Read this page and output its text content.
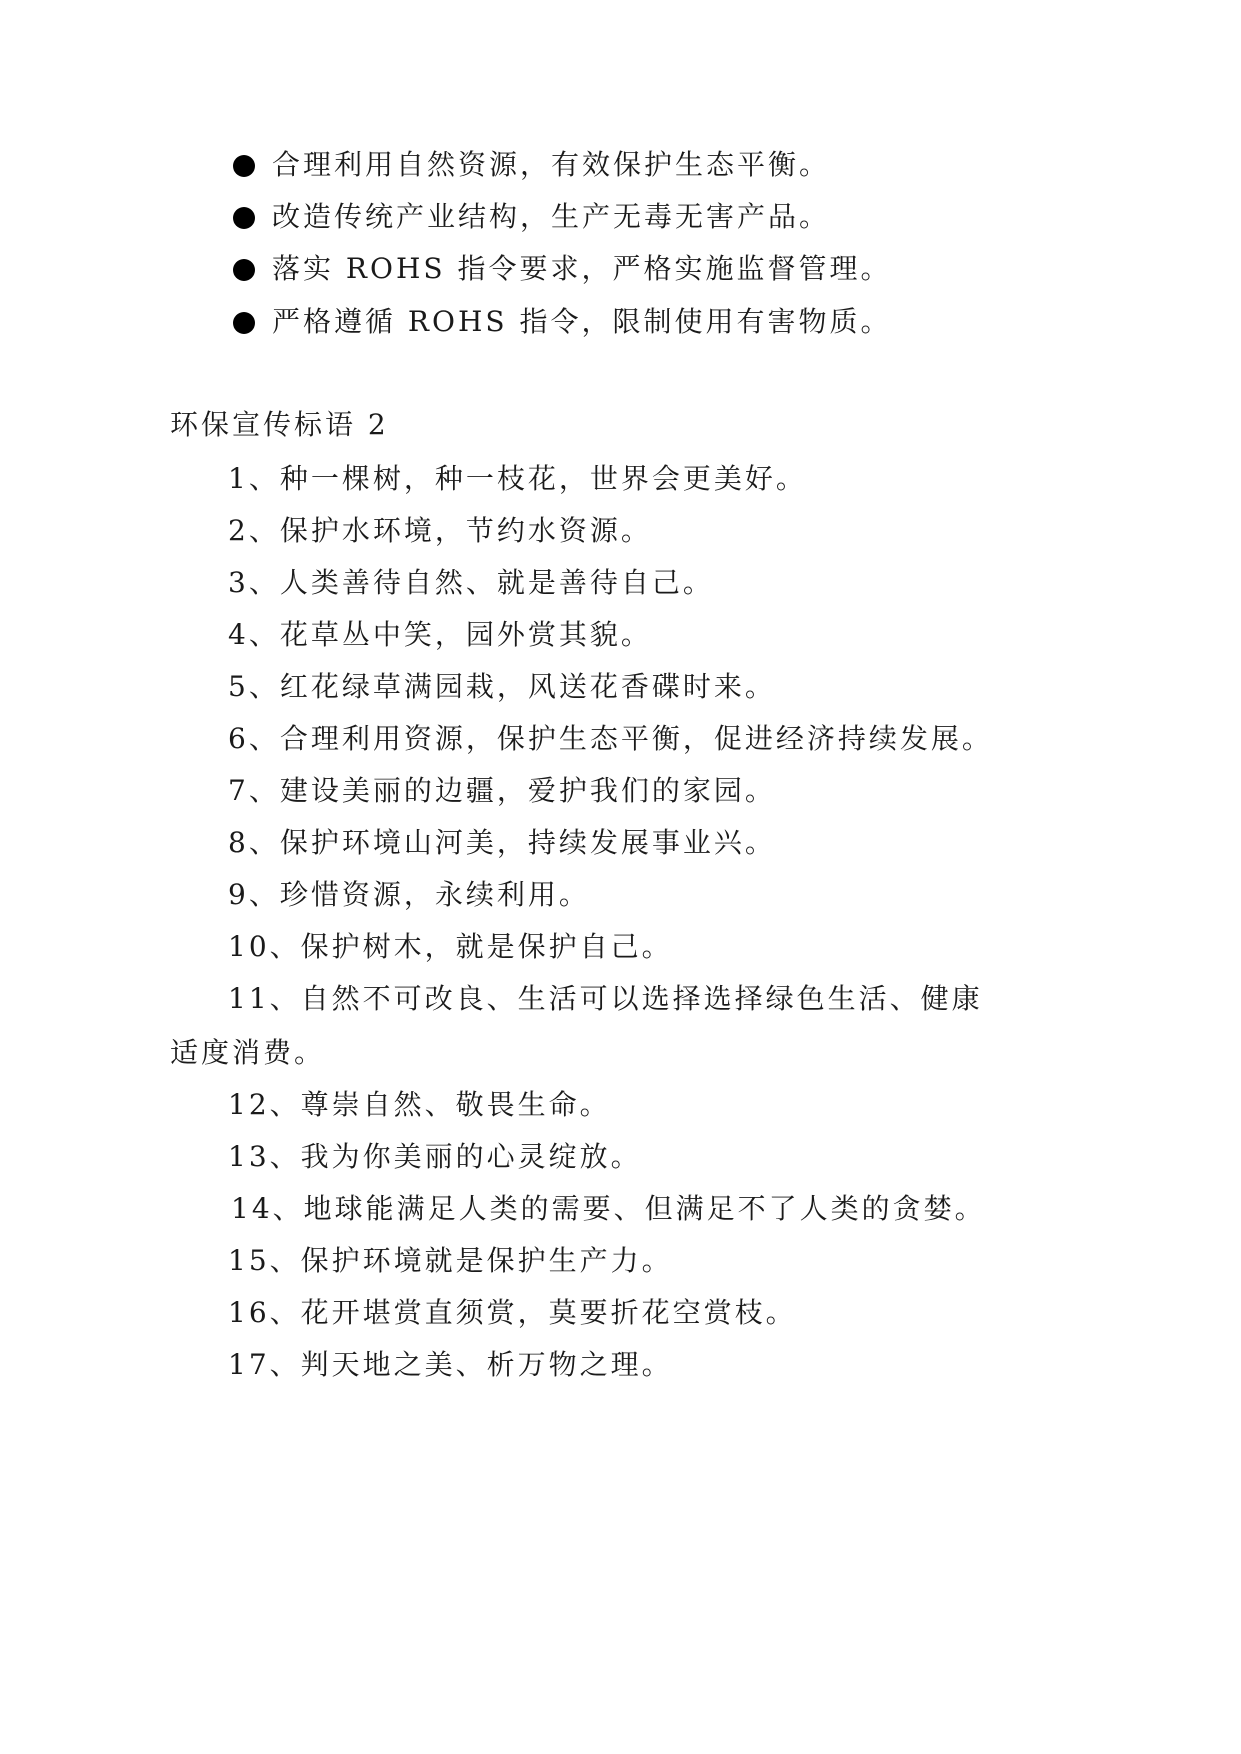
合理利用自然资源，有效保护生态平衡。
改造传统产业结构，生产无毒无害产品。
落实 ROHS 指令要求，严格实施监督管理。
严格遵循 ROHS 指令，限制使用有害物质。
环保宣传标语 2
1、种一棵树，种一枝花，世界会更美好。
2、保护水环境，节约水资源。
3、人类善待自然、就是善待自己。
4、花草丛中笑，园外赏其貌。
5、红花绿草满园栽，风送花香碟时来。
6、合理利用资源，保护生态平衡，促进经济持续发展。
7、建设美丽的边疆，爱护我们的家园。
8、保护环境山河美，持续发展事业兴。
9、珍惜资源，永续利用。
10、保护树木，就是保护自己。
11、自然不可改良、生活可以选择选择绿色生活、健康
适度消费。
12、尊崇自然、敬畏生命。
13、我为你美丽的心灵绽放。
14、地球能满足人类的需要、但满足不了人类的贪婪。
15、保护环境就是保护生产力。
16、花开堪赏直须赏，莫要折花空赏枝。
17、判天地之美、析万物之理。
